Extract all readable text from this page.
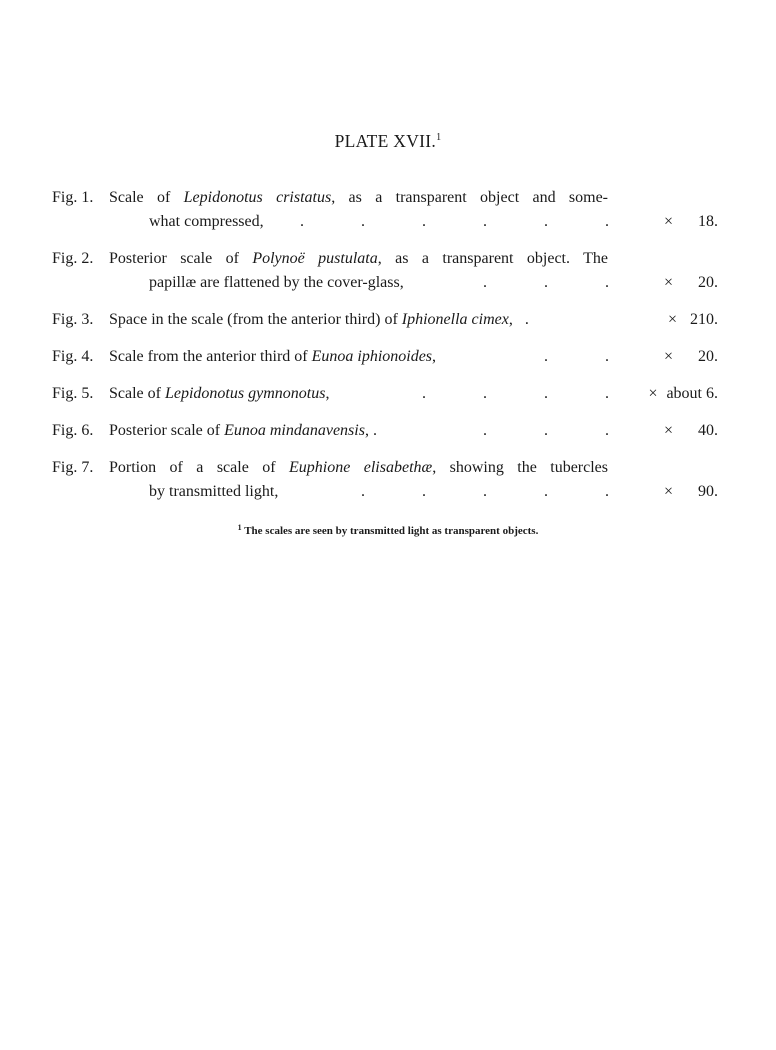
PLATE XVII.$^1$
Fig. 1. Scale of Lepidonotus cristatus, as a transparent object and some-
what compressed, .	.	.	.	.	.	× 18.
Fig. 2. Posterior scale of Polynoë pustulata, as a transparent object. The
papillæ are flattened by the cover-glass,	.	.	.	× 20.
Fig. 3. Space in the scale (from the anterior third) of Iphionella cimex,   .	× 210.
Fig. 4. Scale from the anterior third of Eunoa iphionoides,	.	.	× 20.
Fig. 5. Scale of Lepidonotus gymnonotus,	.	.	.	. × about 6.
Fig. 6. Posterior scale of Eunoa mindanavensis, .	.	.	.	× 40.
Fig. 7. Portion of a scale of Euphione elisabethæ, showing the tubercles
by transmitted light,	.	.	.	.	.	× 90.
$^1$ The scales are seen by transmitted light as transparent objects.
